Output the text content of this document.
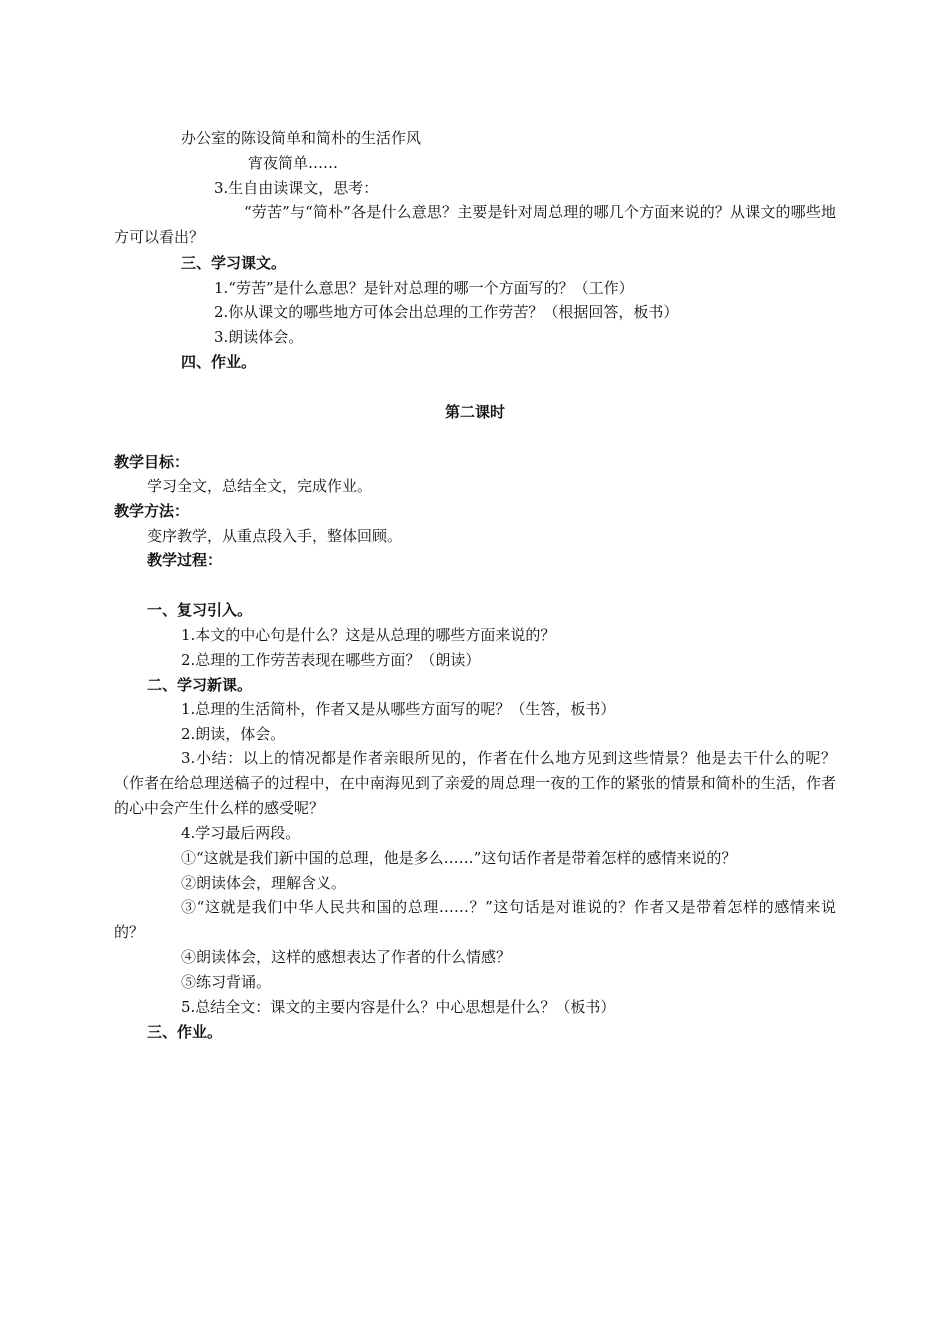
办公室的陈设简单和简朴的生活作风
宵夜简单……
3.生自由读课文，思考：
“劳苦”与“简朴”各是什么意思？主要是针对周总理的哪几个方面来说的？从课文的哪些地方可以看出？
三、学习课文。
1.“劳苦”是什么意思？是针对总理的哪一个方面写的？（工作）
2.你从课文的哪些地方可体会出总理的工作劳苦？（根据回答，板书）
3.朗读体会。
四、作业。
第二课时
教学目标：
学习全文，总结全文，完成作业。
教学方法：
变序教学，从重点段入手，整体回顾。
教学过程：
一、复习引入。
1.本文的中心句是什么？这是从总理的哪些方面来说的？
2.总理的工作劳苦表现在哪些方面？（朗读）
二、学习新课。
1.总理的生活简朴，作者又是从哪些方面写的呢？（生答，板书）
2.朗读，体会。
3.小结：以上的情况都是作者亲眼所见的，作者在什么地方见到这些情景？他是去干什么的呢？（作者在给总理送稿子的过程中，在中南海见到了亲爱的周总理一夜的工作的紧张的情景和简朴的生活，作者的心中会产生什么样的感受呢？
4.学习最后两段。
①“这就是我们新中国的总理，他是多么……”这句话作者是带着怎样的感情来说的？
②朗读体会，理解含义。
③“这就是我们中华人民共和国的总理……？”这句话是对谁说的？作者又是带着怎样的感情来说的？
④朗读体会，这样的感想表达了作者的什么情感？
⑤练习背诵。
5.总结全文：课文的主要内容是什么？中心思想是什么？（板书）
三、作业。
